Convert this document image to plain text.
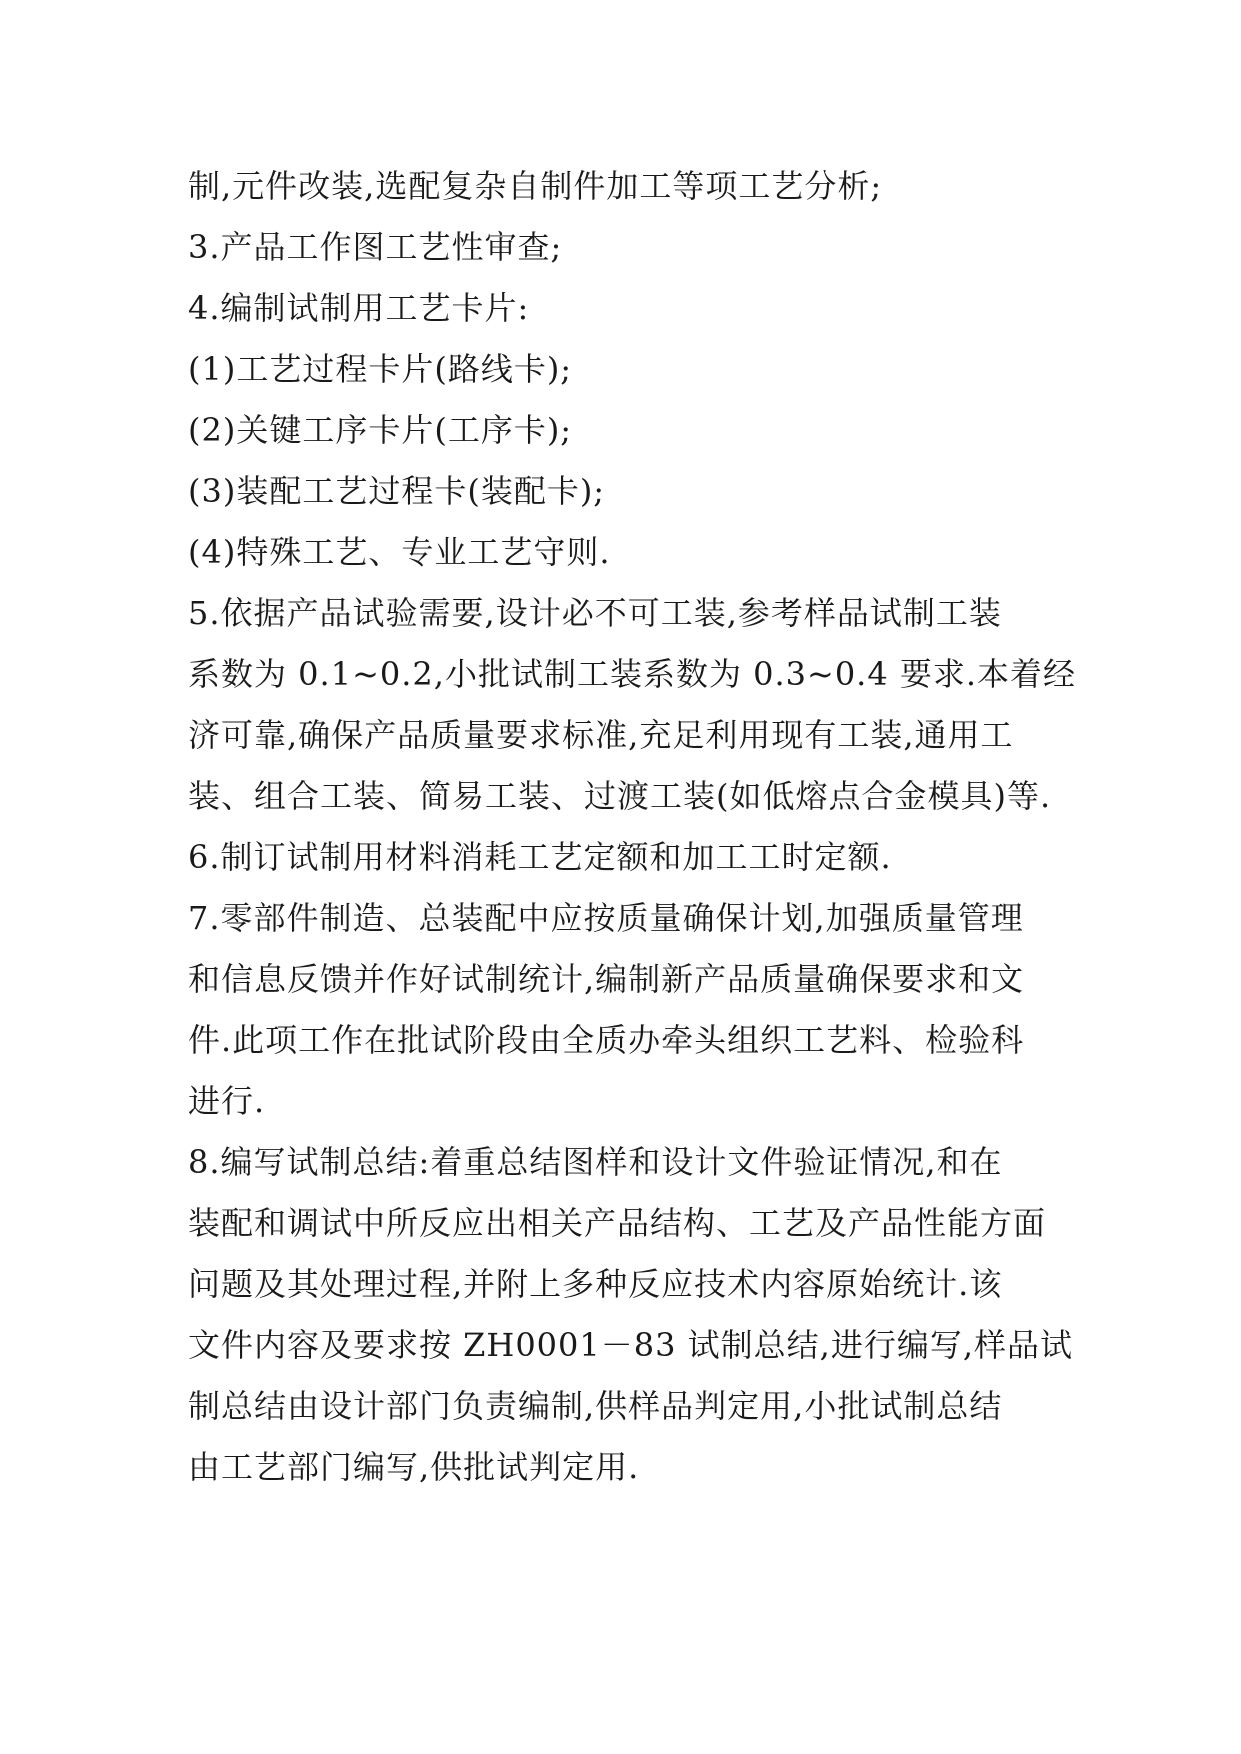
制,元件改装,选配复杂自制件加工等项工艺分析;
3.产品工作图工艺性审查;
4.编制试制用工艺卡片:
(1)工艺过程卡片(路线卡);
(2)关键工序卡片(工序卡);
(3)装配工艺过程卡(装配卡);
(4)特殊工艺、专业工艺守则.
5.依据产品试验需要,设计必不可工装,参考样品试制工装
系数为 0.1~0.2,小批试制工装系数为 0.3~0.4 要求.本着经
济可靠,确保产品质量要求标准,充足利用现有工装,通用工
装、组合工装、简易工装、过渡工装(如低熔点合金模具)等.
6.制订试制用材料消耗工艺定额和加工工时定额.
7.零部件制造、总装配中应按质量确保计划,加强质量管理
和信息反馈并作好试制统计,编制新产品质量确保要求和文
件.此项工作在批试阶段由全质办牵头组织工艺料、检验科
进行.
8.编写试制总结:着重总结图样和设计文件验证情况,和在
装配和调试中所反应出相关产品结构、工艺及产品性能方面
问题及其处理过程,并附上多种反应技术内容原始统计.该
文件内容及要求按 ZH0001－83 试制总结,进行编写,样品试
制总结由设计部门负责编制,供样品判定用,小批试制总结
由工艺部门编写,供批试判定用.
